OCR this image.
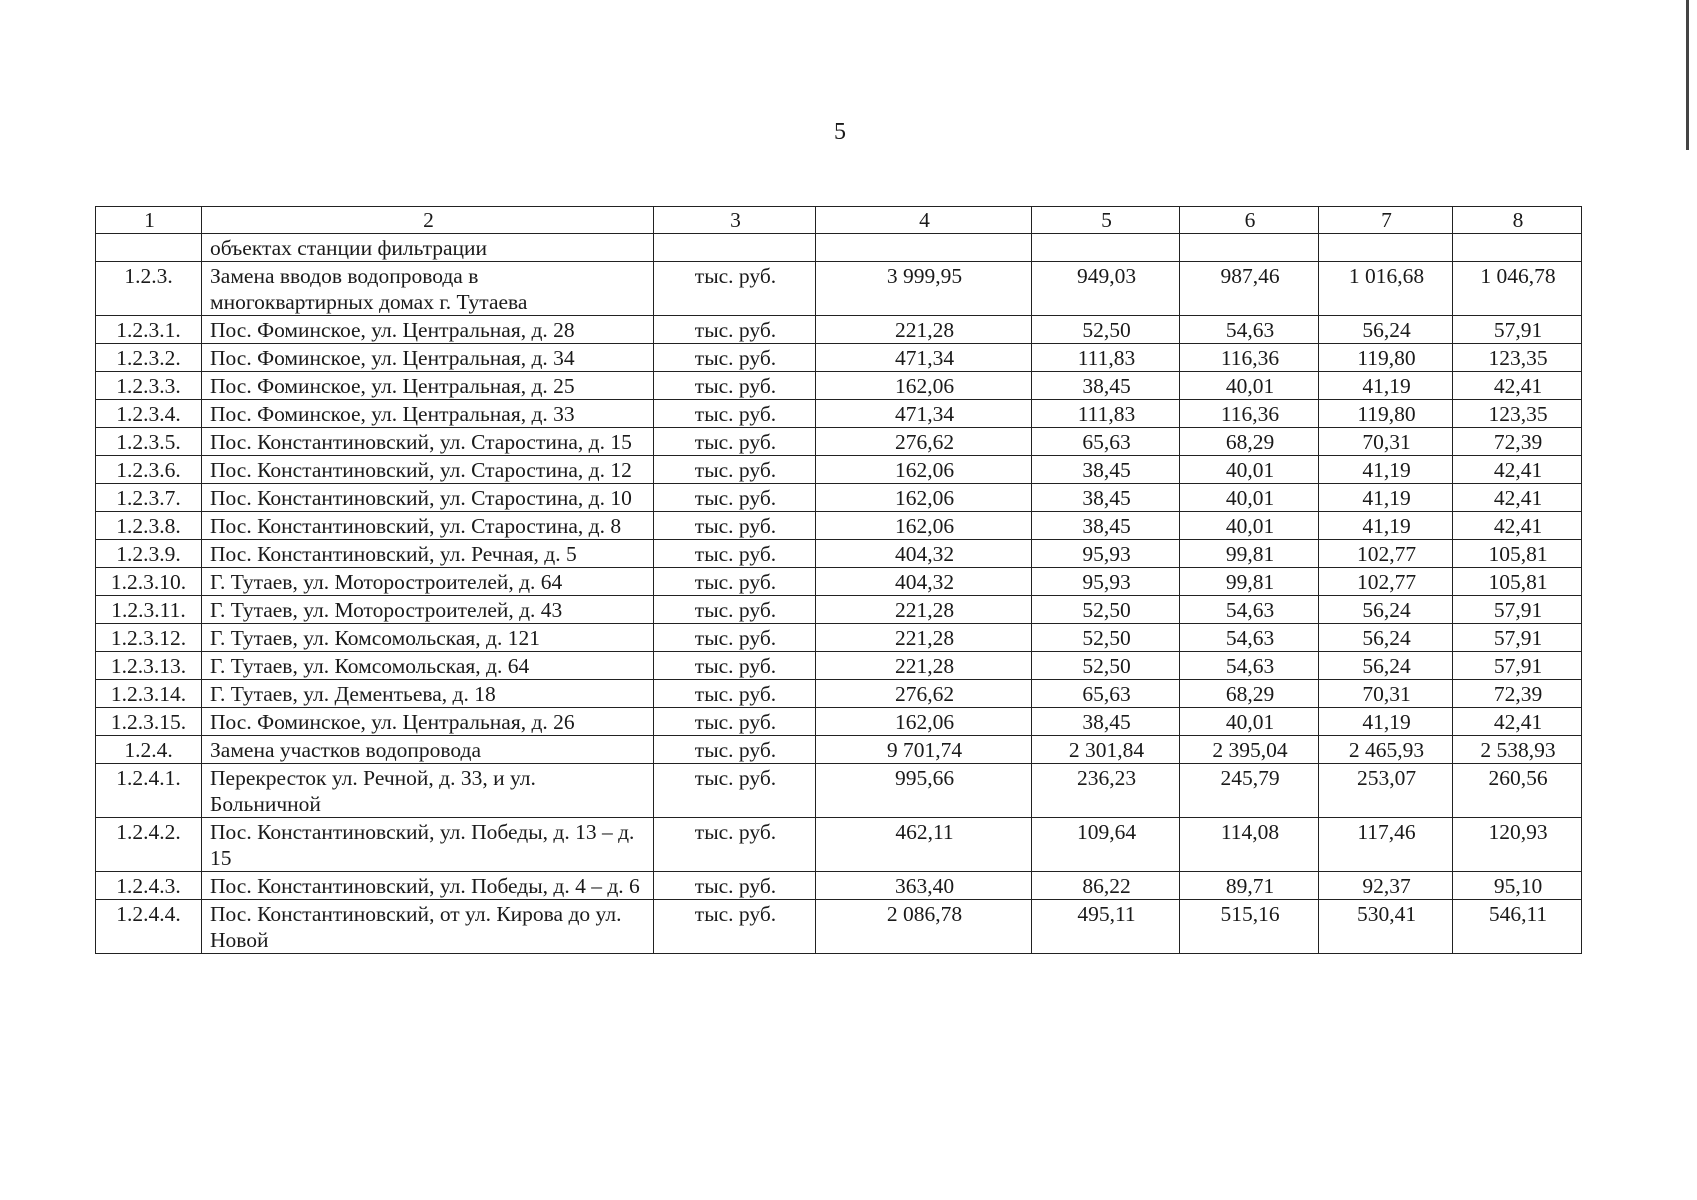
5
1	2	3	4	5	6	7	8
	объектах станции фильтрации						
1.2.3.	Замена вводов водопровода в многоквартирных домах г. Тутаева	тыс. руб.	3 999,95	949,03	987,46	1 016,68	1 046,78
1.2.3.1.	Пос. Фоминское, ул. Центральная, д. 28	тыс. руб.	221,28	52,50	54,63	56,24	57,91
1.2.3.2.	Пос. Фоминское, ул. Центральная, д. 34	тыс. руб.	471,34	111,83	116,36	119,80	123,35
1.2.3.3.	Пос. Фоминское, ул. Центральная, д. 25	тыс. руб.	162,06	38,45	40,01	41,19	42,41
1.2.3.4.	Пос. Фоминское, ул. Центральная, д. 33	тыс. руб.	471,34	111,83	116,36	119,80	123,35
1.2.3.5.	Пос. Константиновский, ул. Старостина, д. 15	тыс. руб.	276,62	65,63	68,29	70,31	72,39
1.2.3.6.	Пос. Константиновский, ул. Старостина, д. 12	тыс. руб.	162,06	38,45	40,01	41,19	42,41
1.2.3.7.	Пос. Константиновский, ул. Старостина, д. 10	тыс. руб.	162,06	38,45	40,01	41,19	42,41
1.2.3.8.	Пос. Константиновский, ул. Старостина, д. 8	тыс. руб.	162,06	38,45	40,01	41,19	42,41
1.2.3.9.	Пос. Константиновский, ул. Речная, д. 5	тыс. руб.	404,32	95,93	99,81	102,77	105,81
1.2.3.10.	Г. Тутаев, ул. Моторостроителей, д. 64	тыс. руб.	404,32	95,93	99,81	102,77	105,81
1.2.3.11.	Г. Тутаев, ул. Моторостроителей, д. 43	тыс. руб.	221,28	52,50	54,63	56,24	57,91
1.2.3.12.	Г. Тутаев, ул. Комсомольская, д. 121	тыс. руб.	221,28	52,50	54,63	56,24	57,91
1.2.3.13.	Г. Тутаев, ул. Комсомольская, д. 64	тыс. руб.	221,28	52,50	54,63	56,24	57,91
1.2.3.14.	Г. Тутаев, ул. Дементьева, д. 18	тыс. руб.	276,62	65,63	68,29	70,31	72,39
1.2.3.15.	Пос. Фоминское, ул. Центральная, д. 26	тыс. руб.	162,06	38,45	40,01	41,19	42,41
1.2.4.	Замена участков водопровода	тыс. руб.	9 701,74	2 301,84	2 395,04	2 465,93	2 538,93
1.2.4.1.	Перекресток ул. Речной, д. 33, и ул. Больничной	тыс. руб.	995,66	236,23	245,79	253,07	260,56
1.2.4.2.	Пос. Константиновский, ул. Победы, д. 13 – д. 15	тыс. руб.	462,11	109,64	114,08	117,46	120,93
1.2.4.3.	Пос. Константиновский, ул. Победы, д. 4 – д. 6	тыс. руб.	363,40	86,22	89,71	92,37	95,10
1.2.4.4.	Пос. Константиновский, от ул. Кирова до ул. Новой	тыс. руб.	2 086,78	495,11	515,16	530,41	546,11
